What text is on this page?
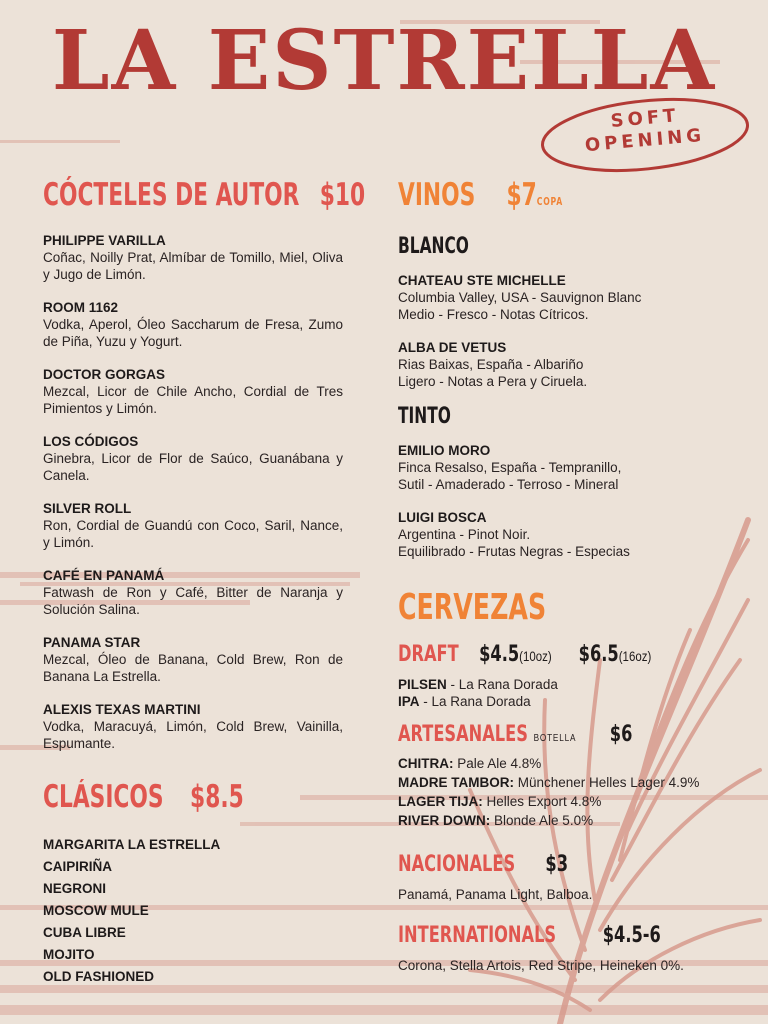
LA ESTRELLA
SOFT
OPENING
CÓCTELES DE AUTOR $10
PHILIPPE VARILLA
Coñac, Noilly Prat, Almíbar de Tomillo, Miel, Oliva y Jugo de Limón.
ROOM 1162
Vodka, Aperol, Óleo Saccharum de Fresa, Zumo de Piña, Yuzu y Yogurt.
DOCTOR GORGAS
Mezcal, Licor de Chile Ancho, Cordial de Tres Pimientos y Limón.
LOS CÓDIGOS
Ginebra, Licor de Flor de Saúco, Guanábana y Canela.
SILVER ROLL
Ron, Cordial de Guandú con Coco, Saril, Nance, y Limón.
CAFÉ EN PANAMÁ
Fatwash de Ron y Café, Bitter de Naranja y Solución Salina.
PANAMA STAR
Mezcal, Óleo de Banana, Cold Brew, Ron de Banana La Estrella.
ALEXIS TEXAS MARTINI
Vodka, Maracuyá, Limón, Cold Brew, Vainilla, Espumante.
CLÁSICOS $8.5
MARGARITA LA ESTRELLA
CAIPIRIÑA
NEGRONI
MOSCOW MULE
CUBA LIBRE
MOJITO
OLD FASHIONED
VINOS $7COPA
BLANCO
CHATEAU STE MICHELLE
Columbia Valley, USA - Sauvignon Blanc
Medio - Fresco - Notas Cítricos.
ALBA DE VETUS
Rias Baixas, España - Albariño
Ligero - Notas a Pera y Ciruela.
TINTO
EMILIO MORO
Finca Resalso, España - Tempranillo,
Sutil - Amaderado - Terroso - Mineral
LUIGI BOSCA
Argentina - Pinot Noir.
Equilibrado - Frutas Negras - Especias
CERVEZAS
DRAFT $4.5(10oz) $6.5(16oz)
PILSEN - La Rana Dorada
IPA - La Rana Dorada
ARTESANALES BOTELLA $6
CHITRA: Pale Ale 4.8%
MADRE TAMBOR: Münchener Helles Lager 4.9%
LAGER TIJA: Helles Export 4.8%
RIVER DOWN: Blonde Ale 5.0%
NACIONALES $3
Panamá, Panama Light, Balboa.
INTERNATIONALS $4.5-6
Corona, Stella Artois, Red Stripe, Heineken 0%.
